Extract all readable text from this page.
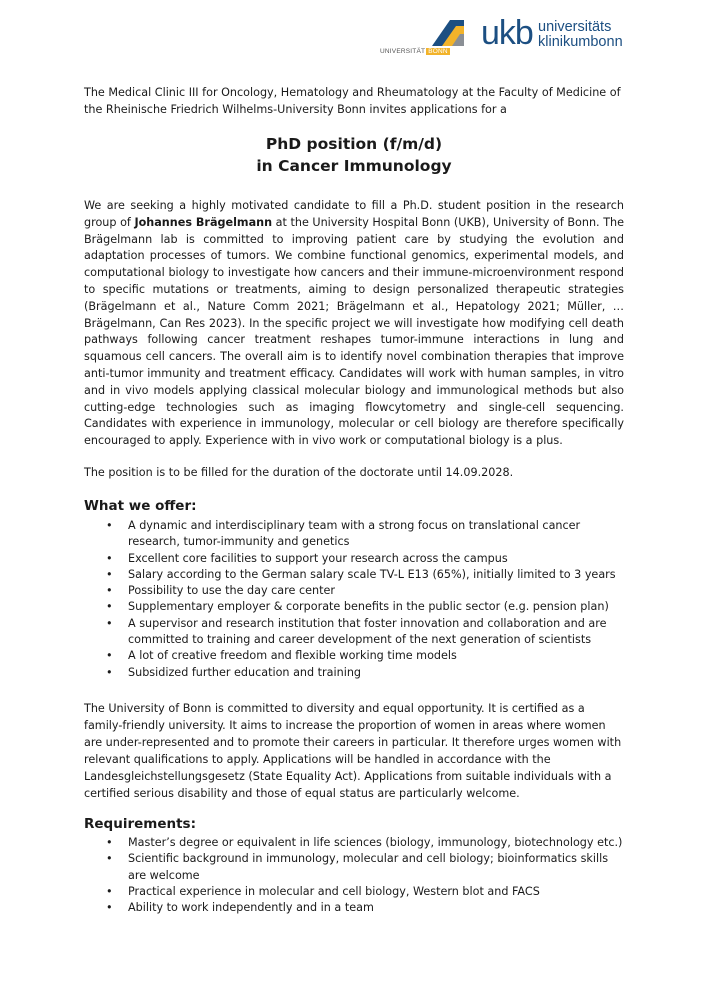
UNIVERSITÄT BONN ukb universitäts
klinikumbonn
The Medical Clinic III for Oncology, Hematology and Rheumatology at the Faculty of Medicine of the Rheinische Friedrich Wilhelms-University Bonn invites applications for a
PhD position (f/m/d)
in Cancer Immunology
We are seeking a highly motivated candidate to fill a Ph.D. student position in the research group of Johannes Brägelmann at the University Hospital Bonn (UKB), University of Bonn. The Brägelmann lab is committed to improving patient care by studying the evolution and adaptation processes of tumors. We combine functional genomics, experimental models, and computational biology to investigate how cancers and their immune-microenvironment respond to specific mutations or treatments, aiming to design personalized therapeutic strategies (Brägelmann et al., Nature Comm 2021; Brägelmann et al., Hepatology 2021; Müller, … Brägelmann, Can Res 2023). In the specific project we will investigate how modifying cell death pathways following cancer treatment reshapes tumor-immune interactions in lung and squamous cell cancers. The overall aim is to identify novel combination therapies that improve anti-tumor immunity and treatment efficacy. Candidates will work with human samples, in vitro and in vivo models applying classical molecular biology and immunological methods but also cutting-edge technologies such as imaging flowcytometry and single-cell sequencing. Candidates with experience in immunology, molecular or cell biology are therefore specifically encouraged to apply. Experience with in vivo work or computational biology is a plus.
The position is to be filled for the duration of the doctorate until 14.09.2028.
What we offer:
• A dynamic and interdisciplinary team with a strong focus on translational cancer research, tumor-immunity and genetics
• Excellent core facilities to support your research across the campus
• Salary according to the German salary scale TV-L E13 (65%), initially limited to 3 years
• Possibility to use the day care center
• Supplementary employer & corporate benefits in the public sector (e.g. pension plan)
• A supervisor and research institution that foster innovation and collaboration and are committed to training and career development of the next generation of scientists
• A lot of creative freedom and flexible working time models
• Subsidized further education and training
The University of Bonn is committed to diversity and equal opportunity. It is certified as a family-friendly university. It aims to increase the proportion of women in areas where women are under-represented and to promote their careers in particular. It therefore urges women with relevant qualifications to apply. Applications will be handled in accordance with the Landesgleichstellungsgesetz (State Equality Act). Applications from suitable individuals with a certified serious disability and those of equal status are particularly welcome.
Requirements:
• Master’s degree or equivalent in life sciences (biology, immunology, biotechnology etc.)
• Scientific background in immunology, molecular and cell biology; bioinformatics skills are welcome
• Practical experience in molecular and cell biology, Western blot and FACS
• Ability to work independently and in a team
